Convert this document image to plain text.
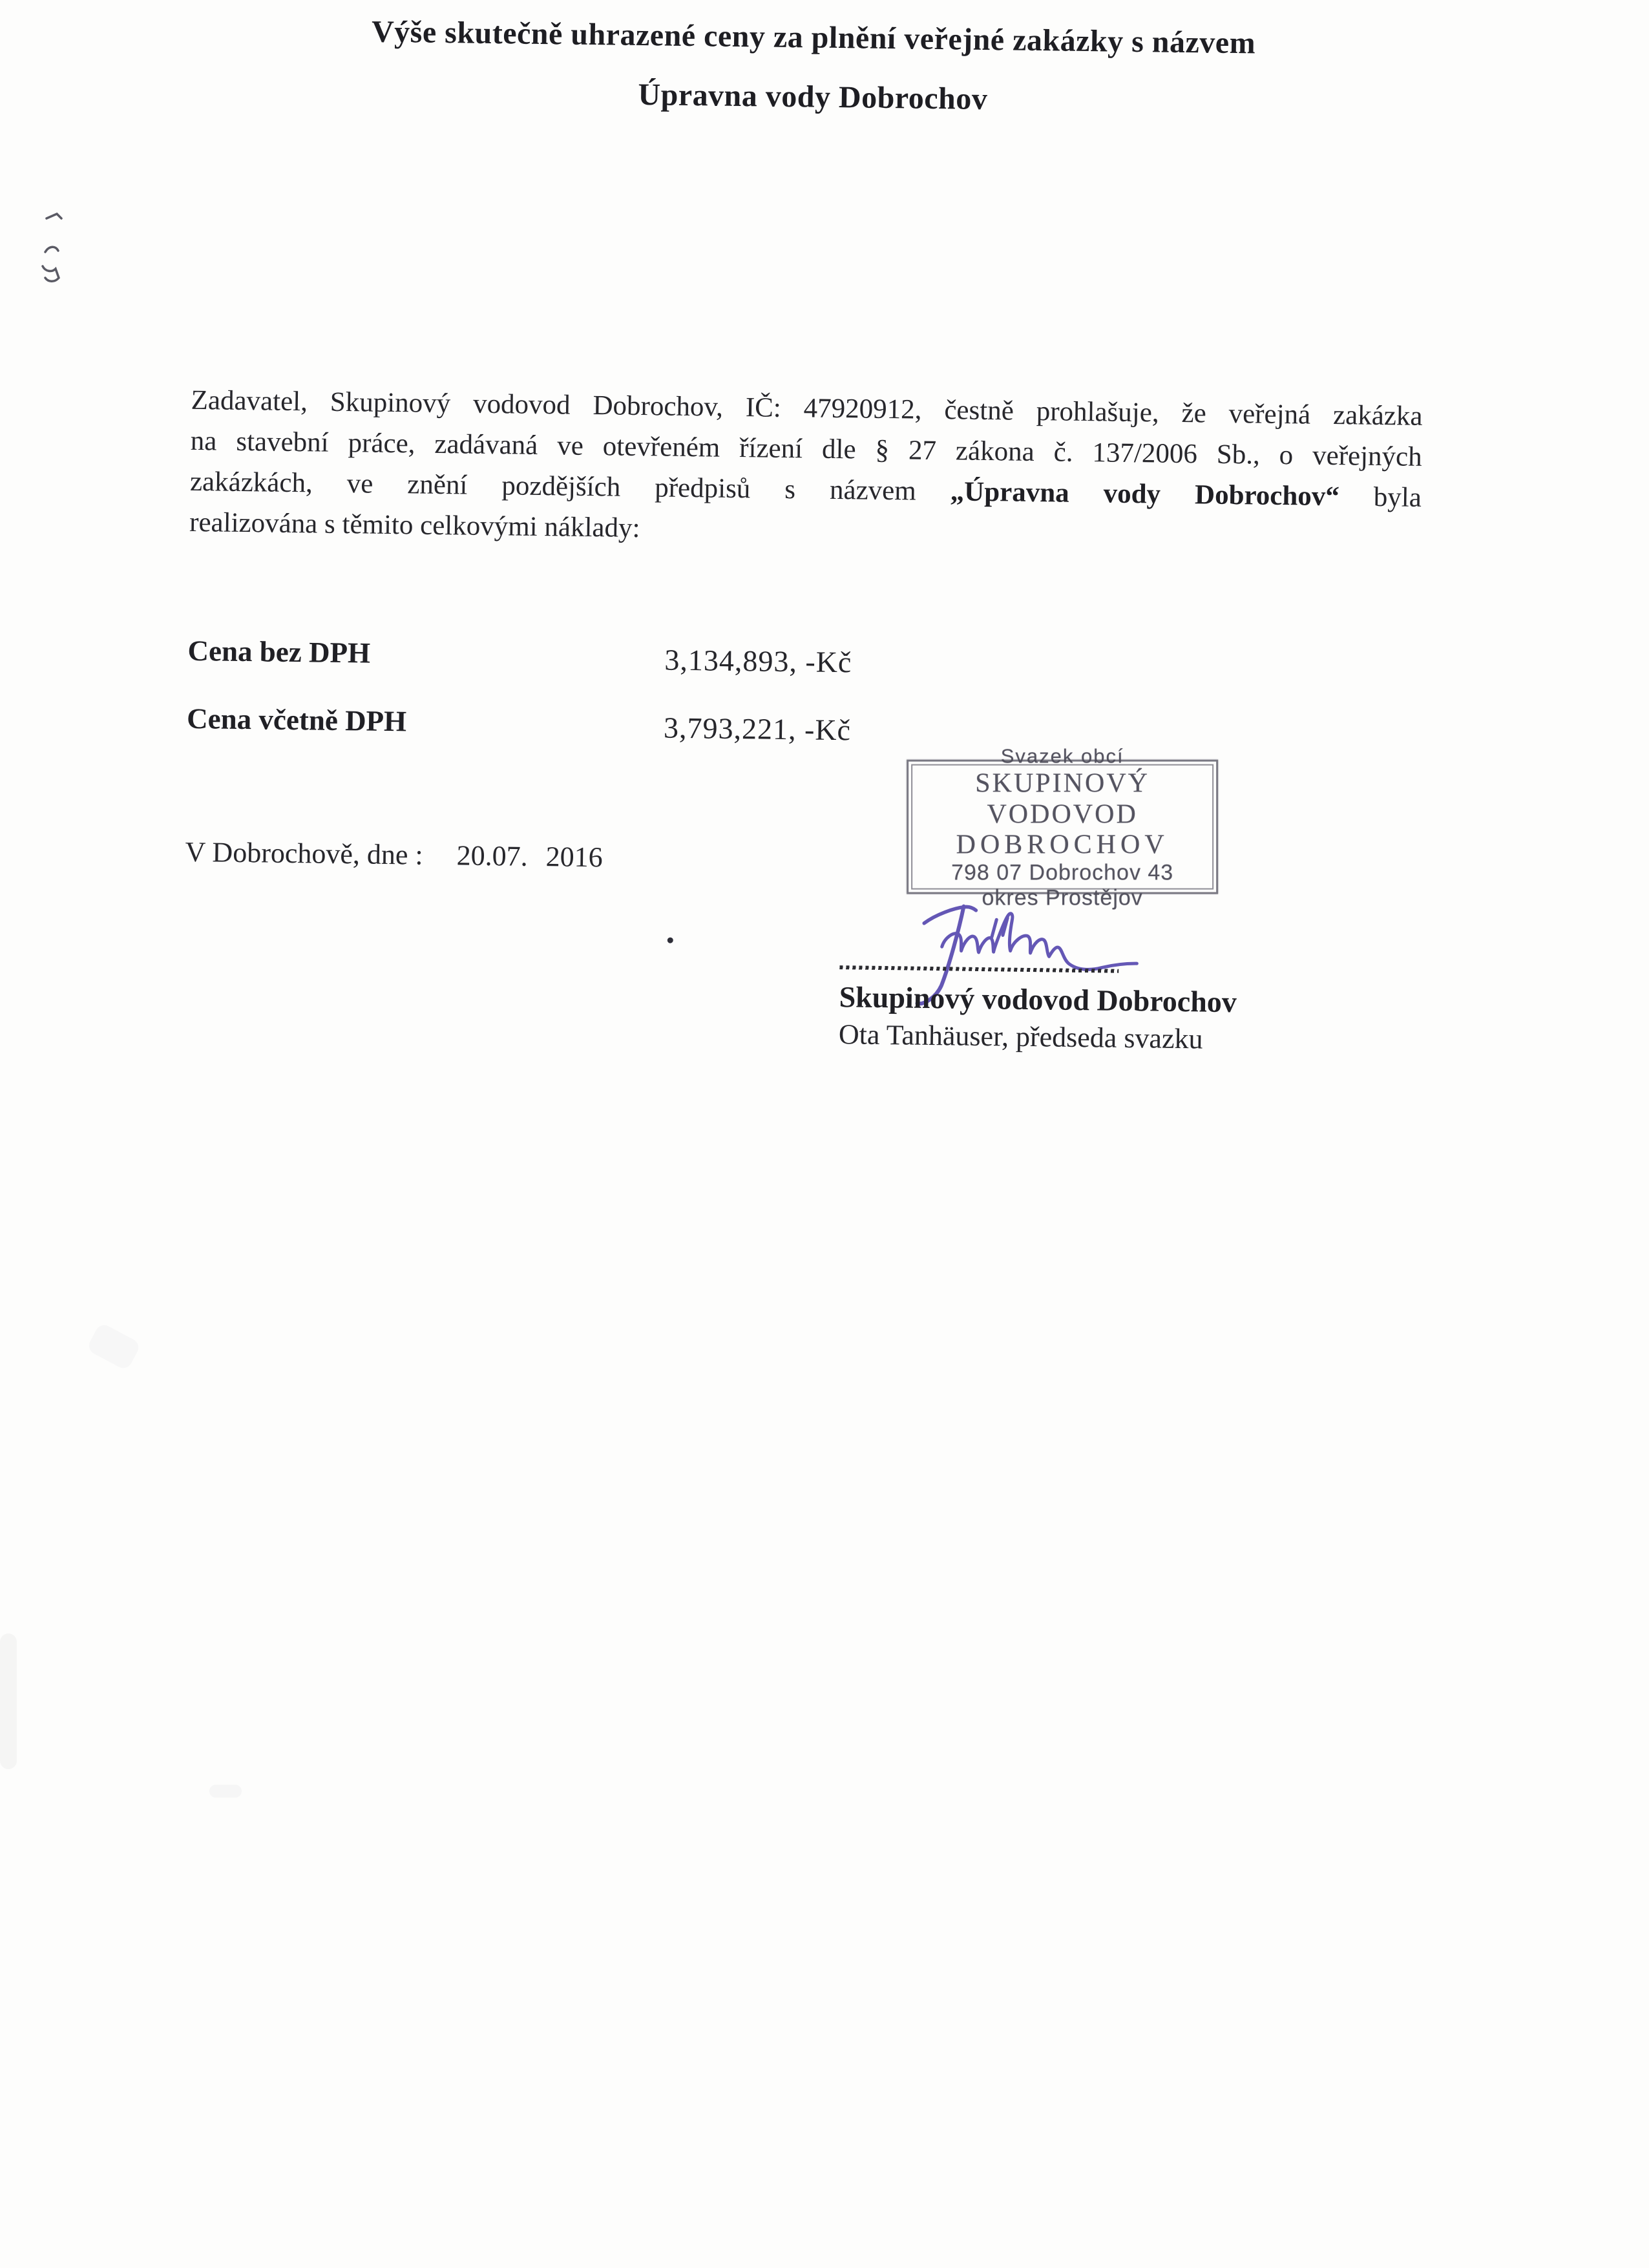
Výše skutečně uhrazené ceny za plnění veřejné zakázky s názvem
Úpravna vody Dobrochov
Zadavatel, Skupinový vodovod Dobrochov, IČ: 47920912, čestně prohlašuje, že veřejná zakázka
na stavební práce, zadávaná ve otevřeném řízení dle § 27 zákona č. 137/2006 Sb., o veřejných
zakázkách, ve znění pozdějších předpisů s názvem „Úpravna vody Dobrochov“ byla
realizována s těmito celkovými náklady:
Cena bez DPH	3,134,893, -Kč
Cena včetně DPH	3,793,221, -Kč
V Dobrochově, dne : 20.07. 2016
Svazek obcí
SKUPINOVÝ VODOVOD
DOBROCHOV
798 07 Dobrochov 43
okres Prostějov
Skupinový vodovod Dobrochov
Ota Tanhäuser, předseda svazku
